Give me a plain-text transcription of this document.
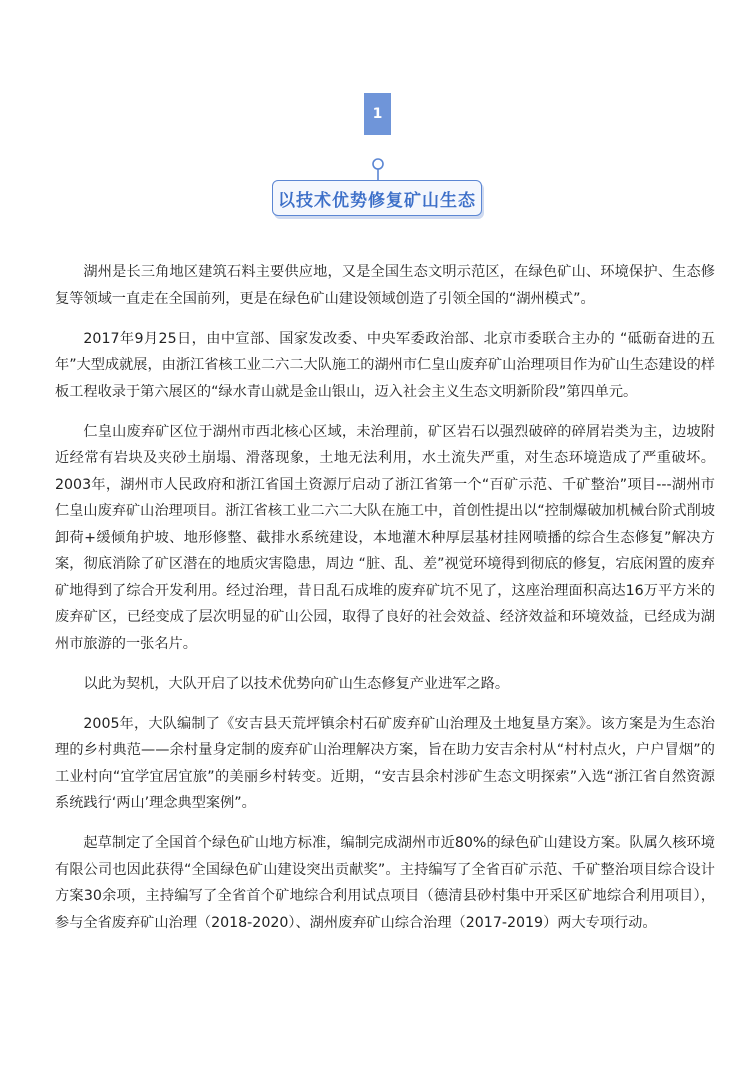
1
以技术优势修复矿山生态

湖州是长三角地区建筑石料主要供应地，又是全国生态文明示范区，在绿色矿山、环境保护、生态修复等领域一直走在全国前列，更是在绿色矿山建设领域创造了引领全国的“湖州模式”。

2017年9月25日，由中宣部、国家发改委、中央军委政治部、北京市委联合主办的 “砥砺奋进的五年”大型成就展，由浙江省核工业二六二大队施工的湖州市仁皇山废弃矿山治理项目作为矿山生态建设的样板工程收录于第六展区的“绿水青山就是金山银山，迈入社会主义生态文明新阶段”第四单元。

仁皇山废弃矿区位于湖州市西北核心区域，未治理前，矿区岩石以强烈破碎的碎屑岩类为主，边坡附近经常有岩块及夹砂土崩塌、滑落现象，土地无法利用，水土流失严重，对生态环境造成了严重破坏。2003年，湖州市人民政府和浙江省国土资源厅启动了浙江省第一个“百矿示范、千矿整治”项目---湖州市仁皇山废弃矿山治理项目。浙江省核工业二六二大队在施工中，首创性提出以“控制爆破加机械台阶式削坡卸荷+缓倾角护坡、地形修整、截排水系统建设，本地灌木种厚层基材挂网喷播的综合生态修复”解决方案，彻底消除了矿区潜在的地质灾害隐患，周边 “脏、乱、差”视觉环境得到彻底的修复，宕底闲置的废弃矿地得到了综合开发利用。经过治理，昔日乱石成堆的废弃矿坑不见了，这座治理面积高达16万平方米的废弃矿区，已经变成了层次明显的矿山公园，取得了良好的社会效益、经济效益和环境效益，已经成为湖州市旅游的一张名片。

以此为契机，大队开启了以技术优势向矿山生态修复产业进军之路。

2005年，大队编制了《安吉县天荒坪镇余村石矿废弃矿山治理及土地复垦方案》。该方案是为生态治理的乡村典范——余村量身定制的废弃矿山治理解决方案，旨在助力安吉余村从“村村点火，户户冒烟”的工业村向“宜学宜居宜旅”的美丽乡村转变。近期，“安吉县余村涉矿生态文明探索”入选“浙江省自然资源系统践行‘两山’理念典型案例”。

起草制定了全国首个绿色矿山地方标准，编制完成湖州市近80%的绿色矿山建设方案。队属久核环境有限公司也因此获得“全国绿色矿山建设突出贡献奖”。主持编写了全省百矿示范、千矿整治项目综合设计方案30余项，主持编写了全省首个矿地综合利用试点项目（德清县砂村集中开采区矿地综合利用项目），参与全省废弃矿山治理（2018-2020）、湖州废弃矿山综合治理（2017-2019）两大专项行动。
